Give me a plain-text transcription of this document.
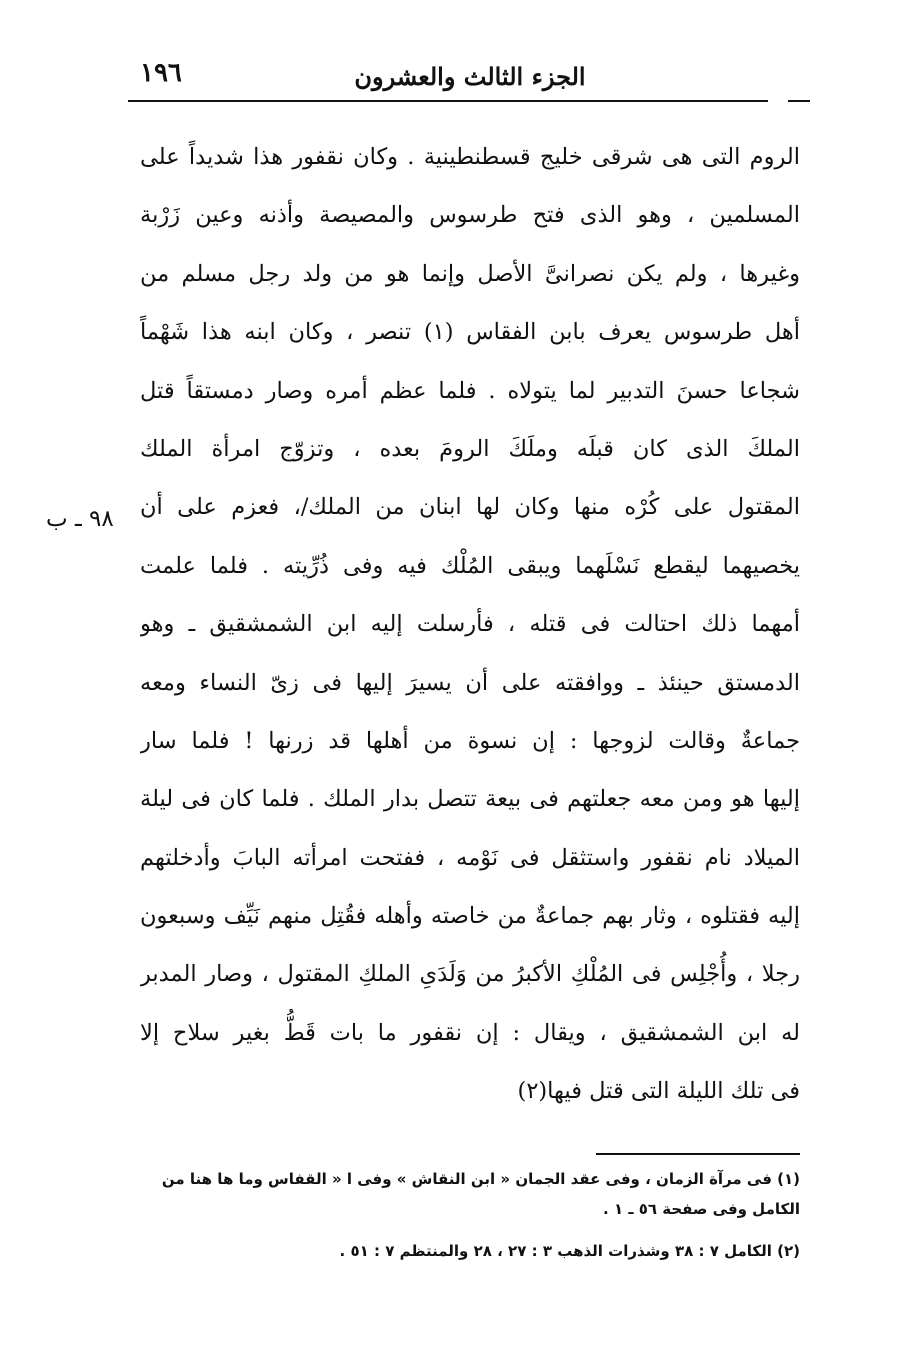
١٩٦	الجزء الثالث والعشرون
٩٨ ـ ب
الروم التى هى شرقى خليج قسطنطينية . وكان نقفور هذا شديداً على
المسلمين ، وهو الذى فتح طرسوس والمصيصة وأذنه وعين زَرْبة
وغيرها ، ولم يكن نصرانىَّ الأصل وإنما هو من ولد رجل مسلم من
أهل طرسوس يعرف بابن الفقاس (١) تنصر ، وكان ابنه هذا شَهْماً
شجاعا حسنَ التدبير لما يتولاه . فلما عظم أمره وصار دمستقاً قتل
الملكَ الذى كان قبلَه وملَكَ الرومَ بعده ، وتزوّج امرأة الملك
المقتول على كُرْه منها وكان لها ابنان من الملك/، فعزم على أن
يخصيهما ليقطع نَسْلَهما ويبقى المُلْك فيه وفى ذُرِّيته . فلما علمت
أمهما ذلك احتالت فى قتله ، فأرسلت إليه ابن الشمشقيق ـ وهو
الدمستق حينئذ ـ ووافقته على أن يسيرَ إليها فى زىّ النساء ومعه
جماعةٌ وقالت لزوجها : إن نسوة من أهلها قد زرنها ! فلما سار
إليها هو ومن معه جعلتهم فى بيعة تتصل بدار الملك . فلما كان فى ليلة
الميلاد نام نقفور واستثقل فى نَوْمه ، ففتحت امرأته البابَ وأدخلتهم
إليه فقتلوه ، وثار بهم جماعةٌ من خاصته وأهله فقُتِل منهم نَيِّف وسبعون
رجلا ، وأُجْلِس فى المُلْكِ الأكبرُ من وَلَدَىِ الملكِ المقتول ، وصار المدبر
له ابن الشمشقيق ، ويقال : إن نقفور ما بات قَطُّ بغير سلاح إلا
فى تلك الليلة التى قتل فيها(٢)
(١) فى مرآة الزمان ، وفى عقد الجمان « ابن النقاش » وفى ا « القفاس وما ها هنا من الكامل وفى صفحة ٥٦ ـ ١ .
(٢) الكامل ٧ : ٣٨ وشذرات الذهب ٣ : ٢٧ ، ٢٨ والمنتظم ٧ : ٥١ .
